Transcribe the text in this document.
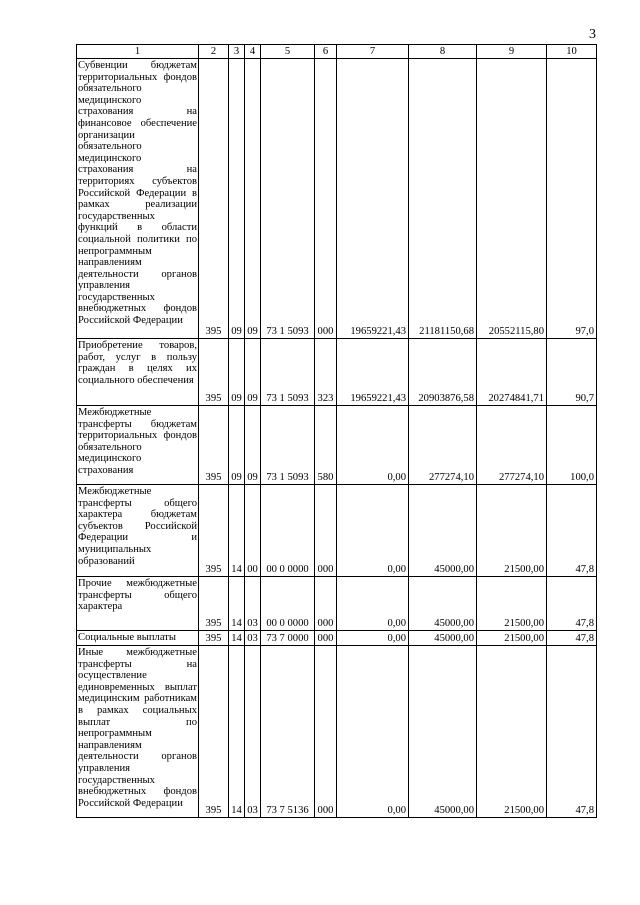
3
1	2	3	4	5	6	7	8	9	10
Субвенции бюджетам территориальных фондов обязательного медицинского страхования на финансовое обеспечение организации обязательного медицинского страхования на территориях субъектов Российской Федерации в рамках реализации государственных функций в области социальной политики по непрограммным направлениям деятельности органов управления государственных внебюджетных фондов Российской Федерации	395	09	09	73 1 5093	000	19659221,43	21181150,68	20552115,80	97,0
Приобретение товаров, работ, услуг в пользу граждан в целях их социального обеспечения	395	09	09	73 1 5093	323	19659221,43	20903876,58	20274841,71	90,7
Межбюджетные трансферты бюджетам территориальных фондов обязательного медицинского страхования	395	09	09	73 1 5093	580	0,00	277274,10	277274,10	100,0
Межбюджетные трансферты общего характера бюджетам субъектов Российской Федерации и муниципальных образований	395	14	00	00 0 0000	000	0,00	45000,00	21500,00	47,8
Прочие межбюджетные трансферты общего характера	395	14	03	00 0 0000	000	0,00	45000,00	21500,00	47,8
Социальные выплаты	395	14	03	73 7 0000	000	0,00	45000,00	21500,00	47,8
Иные межбюджетные трансферты на осуществление единовременных выплат медицинским работникам в рамках социальных выплат по непрограммным направлениям деятельности органов управления государственных внебюджетных фондов Российской Федерации	395	14	03	73 7 5136	000	0,00	45000,00	21500,00	47,8
